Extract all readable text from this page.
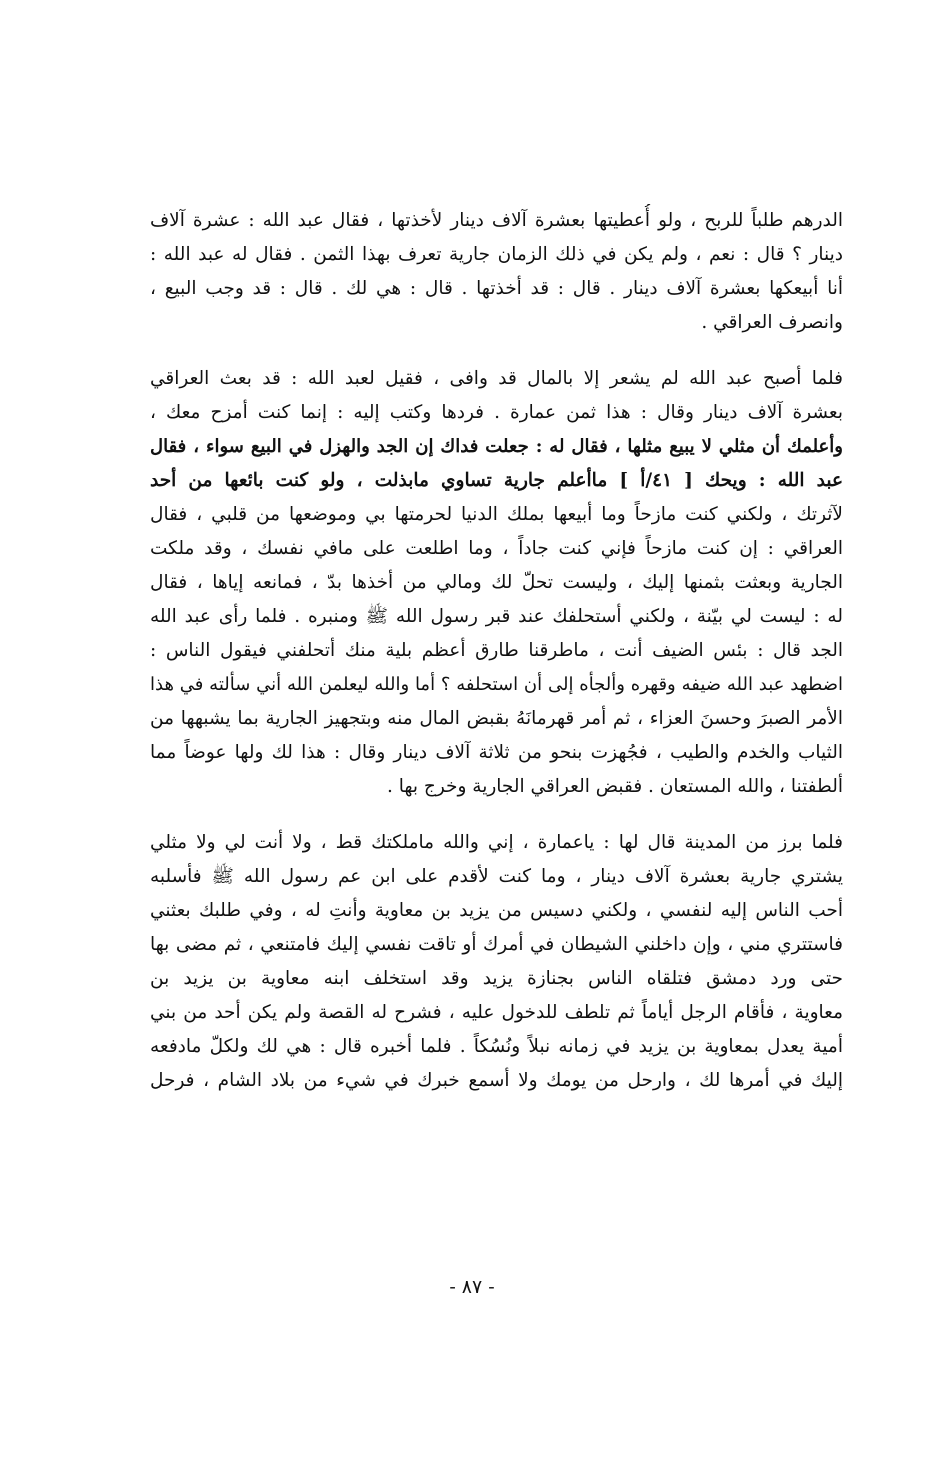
الدرهم طلباً للربح ، ولو أُعطيتها بعشرة آلاف دينار لأخذتها ، فقال عبد الله : عشرة آلاف
دينار ؟ قال : نعم ، ولم يكن في ذلك الزمان جارية تعرف بهذا الثمن . فقال له عبد الله :
أنا أبيعكها بعشرة آلاف دينار . قال : قد أخذتها . قال : هي لك . قال : قد وجب البيع ،
وانصرف العراقي .
فلما أصبح عبد الله لم يشعر إلا بالمال قد وافى ، فقيل لعبد الله : قد بعث العراقي
بعشرة آلاف دينار وقال : هذا ثمن عمارة . فردها وكتب إليه : إنما كنت أمزح معك ،
وأعلمك أن مثلي لا يبيع مثلها ، فقال له : جعلت فداك إن الجد والهزل في البيع سواء ، فقال
عبد الله : ويحك [ ٤١/أ ] ماأعلم جارية تساوي مابذلت ، ولو كنت بائعها من أحد
لآثرتك ، ولكني كنت مازحاً وما أبيعها بملك الدنيا لحرمتها بي وموضعها من قلبي ، فقال
العراقي : إن كنت مازحاً فإني كنت جاداً ، وما اطلعت على مافي نفسك ، وقد ملكت
الجارية وبعثت بثمنها إليك ، وليست تحلّ لك ومالي من أخذها بدّ ، فمانعه إياها ، فقال
له : ليست لي بيّنة ، ولكني أستحلفك عند قبر رسول الله ﷺ ومنبره . فلما رأى عبد الله
الجد قال : بئس الضيف أنت ، ماطرقنا طارق أعظم بلية منك أتحلفني فيقول الناس :
اضطهد عبد الله ضيفه وقهره وألجأه إلى أن استحلفه ؟ أما والله ليعلمن الله أني سألته في هذا
الأمر الصبرَ وحسنَ العزاء ، ثم أمر قهرمانَهُ بقبض المال منه وبتجهيز الجارية بما يشبهها من
الثياب والخدم والطيب ، فجُهزت بنحو من ثلاثة آلاف دينار وقال : هذا لك ولها عوضاً مما
ألطفتنا ، والله المستعان . فقبض العراقي الجارية وخرج بها .
فلما برز من المدينة قال لها : ياعمارة ، إني والله ماملكتك قط ، ولا أنت لي ولا مثلي
يشتري جارية بعشرة آلاف دينار ، وما كنت لأقدم على ابن عم رسول الله ﷺ فأسلبه
أحب الناس إليه لنفسي ، ولكني دسيس من يزيد بن معاوية وأنتِ له ، وفي طلبك بعثني
فاستتري مني ، وإن داخلني الشيطان في أمرك أو تاقت نفسي إليك فامتنعي ، ثم مضى بها
حتى ورد دمشق فتلقاه الناس بجنازة يزيد وقد استخلف ابنه معاوية بن يزيد بن
معاوية ، فأقام الرجل أياماً ثم تلطف للدخول عليه ، فشرح له القصة ولم يكن أحد من بني
أمية يعدل بمعاوية بن يزيد في زمانه نبلاً ونُسُكاً . فلما أخبره قال : هي لك ولكلّ مادفعه
إليك في أمرها لك ، وارحل من يومك ولا أسمع خبرك في شيء من بلاد الشام ، فرحل
- ٨٧ -
